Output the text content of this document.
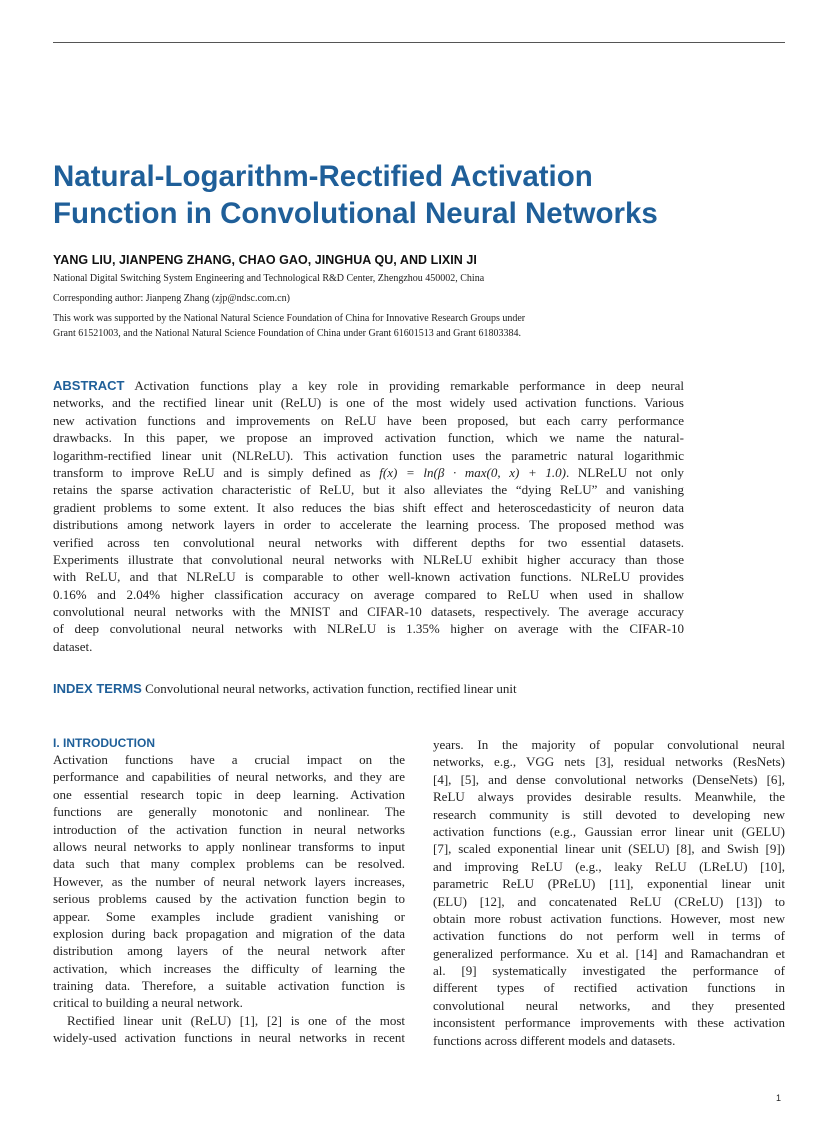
Natural-Logarithm-Rectified Activation
Function in Convolutional Neural Networks

YANG LIU, JIANPENG ZHANG, CHAO GAO, JINGHUA QU, AND LIXIN JI

National Digital Switching System Engineering and Technological R&D Center, Zhengzhou 450002, China

Corresponding author: Jianpeng Zhang (zjp@ndsc.com.cn)

This work was supported by the National Natural Science Foundation of China for Innovative Research Groups under

Grant 61521003, and the National Natural Science Foundation of China under Grant 61601513 and Grant 61803384.

ABSTRACT Activation functions play a key role in providing remarkable performance in deep neural
networks, and the rectified linear unit (ReLU) is one of the most widely used activation functions. Various
new activation functions and improvements on ReLU have been proposed, but each carry performance
drawbacks. In this paper, we propose an improved activation function, which we name the natural-
logarithm-rectified linear unit (NLReLU). This activation function uses the parametric natural logarithmic
transform to improve ReLU and is simply defined as f(x) = ln(β · max(0, x) + 1.0). NLReLU not only
retains the sparse activation characteristic of ReLU, but it also alleviates the “dying ReLU” and vanishing
gradient problems to some extent. It also reduces the bias shift effect and heteroscedasticity of neuron data
distributions among network layers in order to accelerate the learning process. The proposed method was
verified across ten convolutional neural networks with different depths for two essential datasets.
Experiments illustrate that convolutional neural networks with NLReLU exhibit higher accuracy than those
with ReLU, and that NLReLU is comparable to other well-known activation functions. NLReLU provides
0.16% and 2.04% higher classification accuracy on average compared to ReLU when used in shallow
convolutional neural networks with the MNIST and CIFAR-10 datasets, respectively. The average accuracy
of deep convolutional neural networks with NLReLU is 1.35% higher on average with the CIFAR-10
dataset.
INDEX TERMS Convolutional neural networks, activation function, rectified linear unit
I. INTRODUCTION
Activation functions have a crucial impact on the
performance and capabilities of neural networks, and they are
one essential research topic in deep learning. Activation
functions are generally monotonic and nonlinear. The
introduction of the activation function in neural networks
allows neural networks to apply nonlinear transforms to input
data such that many complex problems can be resolved.
However, as the number of neural network layers increases,
serious problems caused by the activation function begin to
appear. Some examples include gradient vanishing or
explosion during back propagation and migration of the data
distribution among layers of the neural network after
activation, which increases the difficulty of learning the
training data. Therefore, a suitable activation function is
critical to building a neural network.
Rectified linear unit (ReLU) [1], [2] is one of the most
widely-used activation functions in neural networks in recent
years. In the majority of popular convolutional neural
networks, e.g., VGG nets [3], residual networks (ResNets)
[4], [5], and dense convolutional networks (DenseNets) [6],
ReLU always provides desirable results. Meanwhile, the
research community is still devoted to developing new
activation functions (e.g., Gaussian error linear unit (GELU)
[7], scaled exponential linear unit (SELU) [8], and Swish [9])
and improving ReLU (e.g., leaky ReLU (LReLU) [10],
parametric ReLU (PReLU) [11], exponential linear unit
(ELU) [12], and concatenated ReLU (CReLU) [13]) to
obtain more robust activation functions. However, most new
activation functions do not perform well in terms of
generalized performance. Xu et al. [14] and Ramachandran et
al. [9] systematically investigated the performance of
different types of rectified activation functions in
convolutional neural networks, and they presented
inconsistent performance improvements with these activation
functions across different models and datasets.
1
